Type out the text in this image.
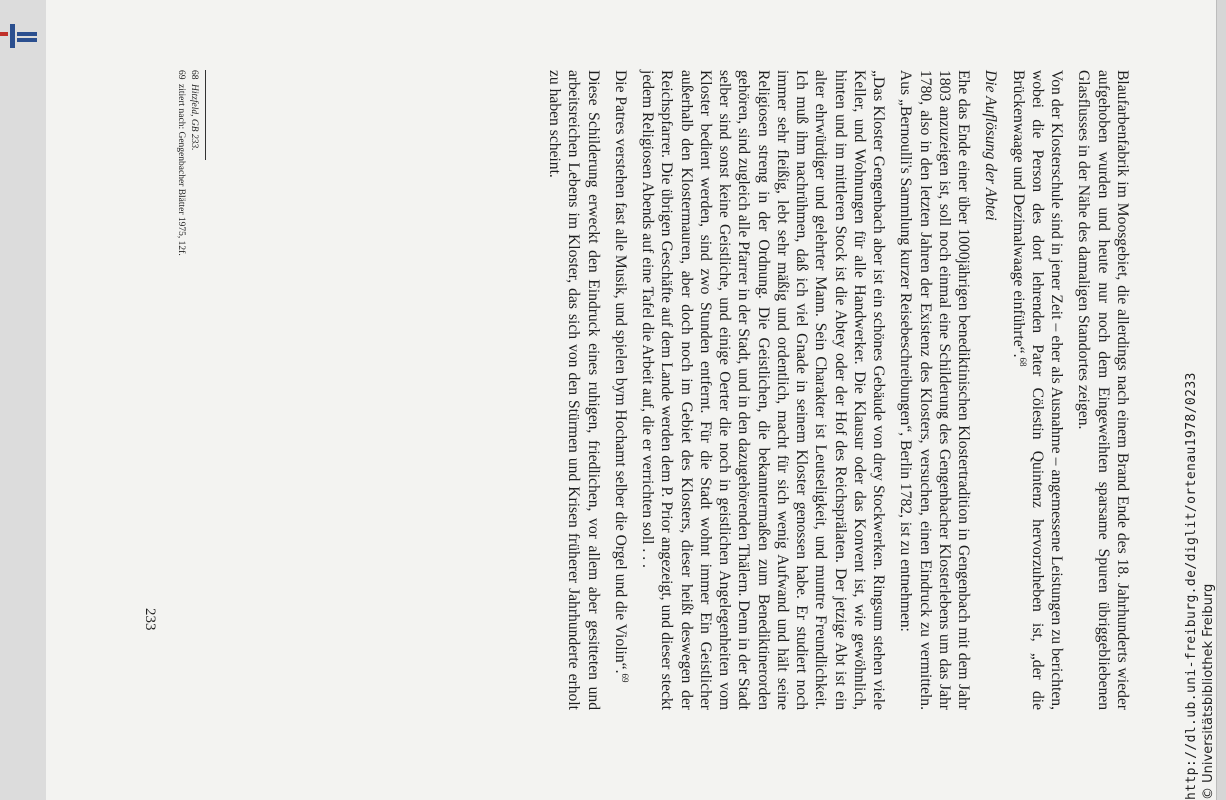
Blaufarbenfabrik im Moosgebiet, die allerdings nach einem Brand Ende des 18. Jahrhunderts wieder aufgehoben wurden und heute nur noch dem Eingeweihten sparsame Spuren übriggebliebenen Glasflusses in der Nähe des damaligen Standortes zeigen.

Von der Klosterschule sind in jener Zeit – eher als Ausnahme – angemessene Leistungen zu berichten, wobei die Person des dort lehrenden Pater Cölestin Quintenz hervorzuheben ist, „der die Brückenwaage und Dezimalwaage einführte“.$^{68}$

Die Auflösung der Abtei

Ehe das Ende einer über 1000jährigen benediktinischen Klostertradition in Gengenbach mit dem Jahr 1803 anzuzeigen ist, soll noch einmal eine Schilderung des Gengenbacher Klosterlebens um das Jahr 1780, also in den letzten Jahren der Existenz des Klosters, versuchen, einen Eindruck zu vermitteln. Aus „Bernoulli's Sammlung kurzer Reisebeschreibungen“, Berlin 1782, ist zu entnehmen:

„Das Kloster Gengenbach aber ist ein schönes Gebäude von drey Stockwerken. Ringsum stehen viele Keller, und Wohnungen für alle Handwerker. Die Klausur oder das Konvent ist, wie gewöhnlich, hinten und im mittleren Stock ist die Abtey oder der Hof des Reichsprälaten. Der jetzige Abt ist ein alter ehrwürdiger und gelehrter Mann. Sein Charakter ist Leutseligkeit, und muntre Freundlichkeit. Ich muß ihm nachrühmen, daß ich viel Gnade in seinem Kloster genossen habe. Er studiert noch immer sehr fleißig, lebt sehr mäßig und ordentlich, macht für sich wenig Aufwand und hält seine Religiosen streng in der Ordnung. Die Geistlichen, die bekanntermaßen zum Benediktinerorden gehören, sind zugleich alle Pfarrer in der Stadt, und in den dazugehörenden Thälern. Denn in der Stadt selber sind sonst keine Geistliche, und einige Oerter die noch in geistlichen Angelegenheiten vom Kloster bedient werden, sind zwo Stunden entfernt. Für die Stadt wohnt immer Ein Geistlicher außerhalb den Klostermauren, aber doch noch im Gebiet des Klosters, dieser heißt deswegen der Reichspfarrer. Die übrigen Geschäfte auf dem Lande werden dem P. Prior angezeigt, und dieser steckt jedem Religiosen Abends auf eine Tafel die Arbeit auf, die er verrichten soll . . .

Die Patres verstehen fast alle Musik, und spielen bym Hochamt selber die Orgel und die Violin“.$^{69}$

Diese Schilderung erweckt den Eindruck eines ruhigen, friedlichen, vor allem aber gesitteten und arbeitsreichen Lebens im Kloster, das sich von den Stürmen und Krisen früherer Jahrhunderte erholt zu haben scheint.

68Hitzfeld, GB 233.

69zitiert nach: Gengenbacher Blätter 1975, 12f.

233	http://dl.ub.uni-freiburg.de/diglit/ortenau1978/0233 © Universitätsbibliothek Freiburg
